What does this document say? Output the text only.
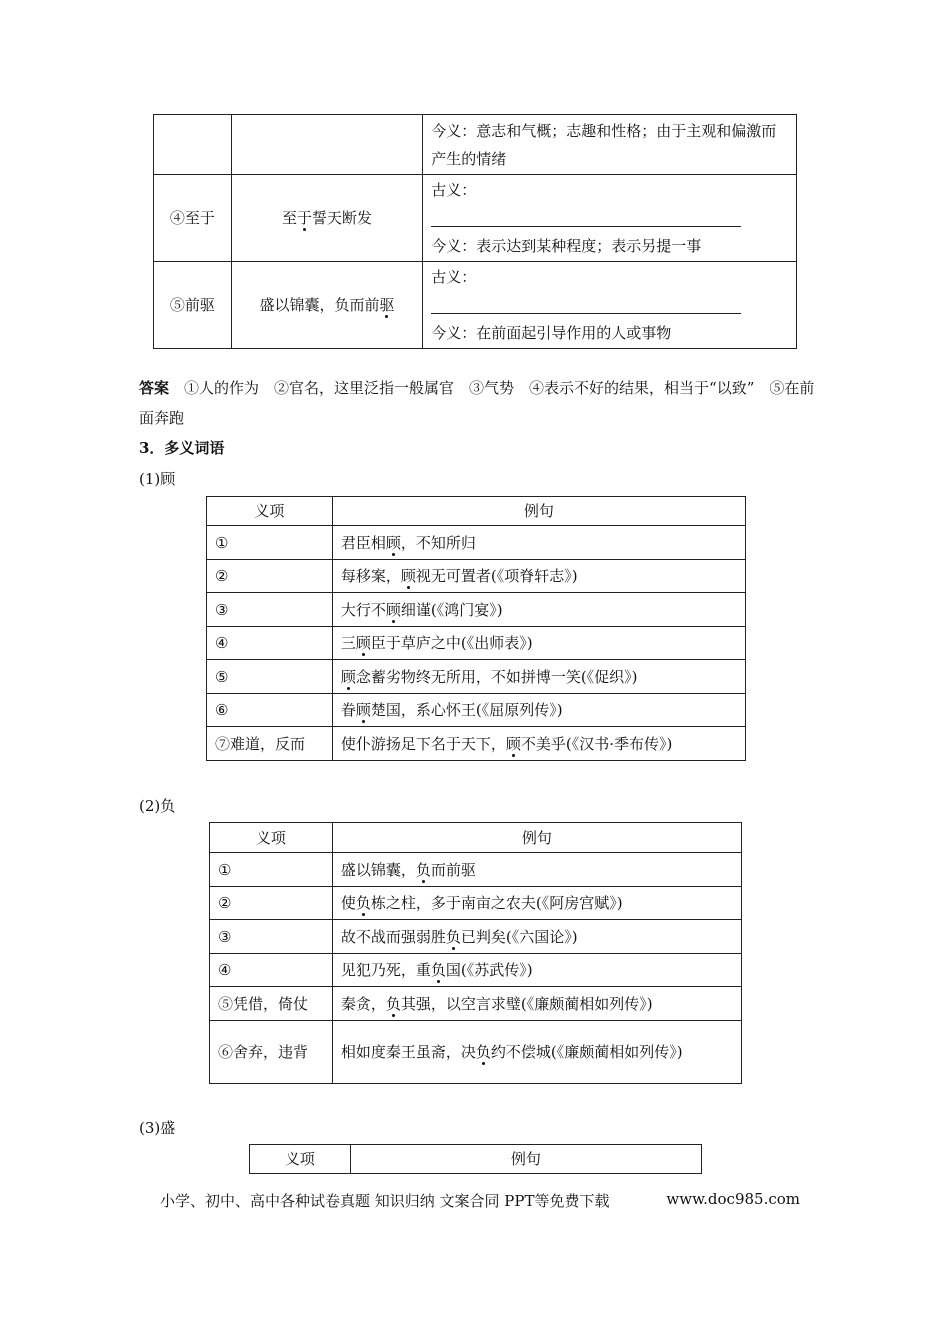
		今义：意志和气概；志趣和性格；由于主观和偏激而产生的情绪
④至于	至于誓天断发	古义：
今义：表示达到某种程度；表示另提一事

⑤前驱	盛以锦囊，负而前驱	古义：
今义：在前面起引导作用的人或事物

答案　 ①人的作为　②官名，这里泛指一般属官　③气势　④表示不好的结果，相当于“以致”　⑤在前面奔跑

3．多义词语

(1)顾

义项	例句
①	君臣相顾，不知所归
②	每移案，顾视无可置者(《项脊轩志》)
③	大行不顾细谨(《鸿门宴》)
④	三顾臣于草庐之中(《出师表》)
⑤	顾念蓄劣物终无所用，不如拼博一笑(《促织》)
⑥	眷顾楚国，系心怀王(《屈原列传》)
⑦难道，反而	使仆游扬足下名于天下，顾不美乎(《汉书·季布传》)

(2)负

义项	例句
①	盛以锦囊，负而前驱
②	使负栋之柱，多于南亩之农夫(《阿房宫赋》)
③	故不战而强弱胜负已判矣(《六国论》)
④	见犯乃死，重负国(《苏武传》)
⑤凭借，倚仗	秦贪，负其强，以空言求璧(《廉颇蔺相如列传》)
⑥舍弃，违背	相如度秦王虽斋，决负约不偿城(《廉颇蔺相如列传》)

(3)盛

义项	例句
小学、初中、高中各种试卷真题 知识归纳 文案合同 PPT等免费下载	www.doc985.com
